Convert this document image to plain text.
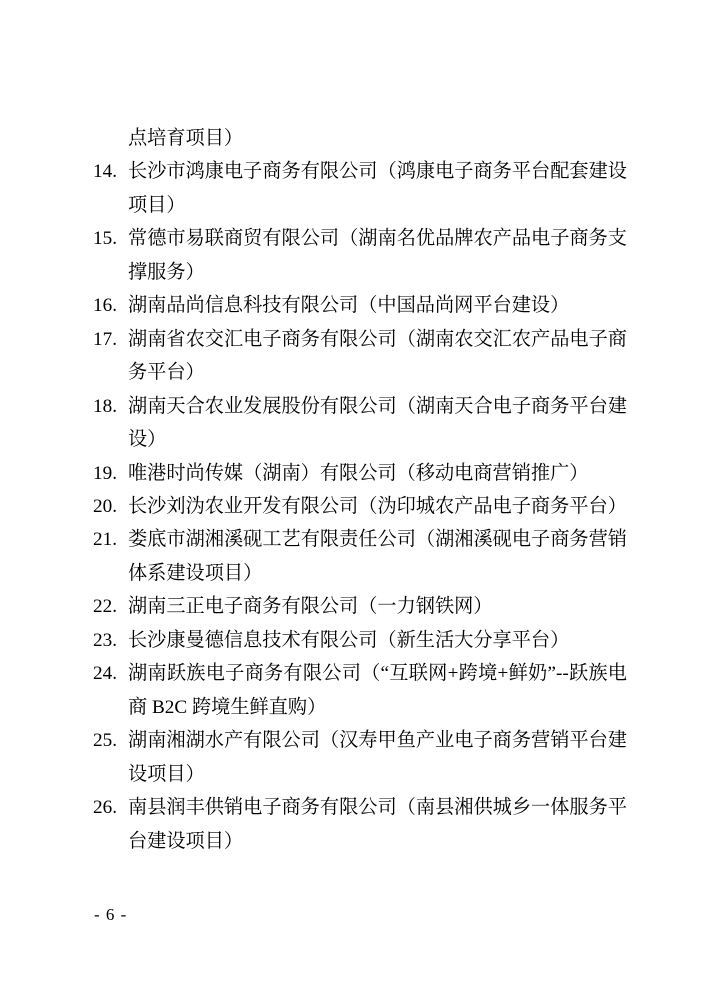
点培育项目）
14. 长沙市鸿康电子商务有限公司（鸿康电子商务平台配套建设项目）
15. 常德市易联商贸有限公司（湖南名优品牌农产品电子商务支撑服务）
16. 湖南品尚信息科技有限公司（中国品尚网平台建设）
17. 湖南省农交汇电子商务有限公司（湖南农交汇农产品电子商务平台）
18. 湖南天合农业发展股份有限公司（湖南天合电子商务平台建设）
19. 唯港时尚传媒（湖南）有限公司（移动电商营销推广）
20. 长沙刘沩农业开发有限公司（沩印城农产品电子商务平台）
21. 娄底市湖湘溪砚工艺有限责任公司（湖湘溪砚电子商务营销体系建设项目）
22. 湖南三正电子商务有限公司（一力钢铁网）
23. 长沙康曼德信息技术有限公司（新生活大分享平台）
24. 湖南跃族电子商务有限公司（“互联网+跨境+鲜奶”--跃族电商 B2C 跨境生鲜直购）
25. 湖南湘湖水产有限公司（汉寿甲鱼产业电子商务营销平台建设项目）
26. 南县润丰供销电子商务有限公司（南县湘供城乡一体服务平台建设项目）
- 6 -
